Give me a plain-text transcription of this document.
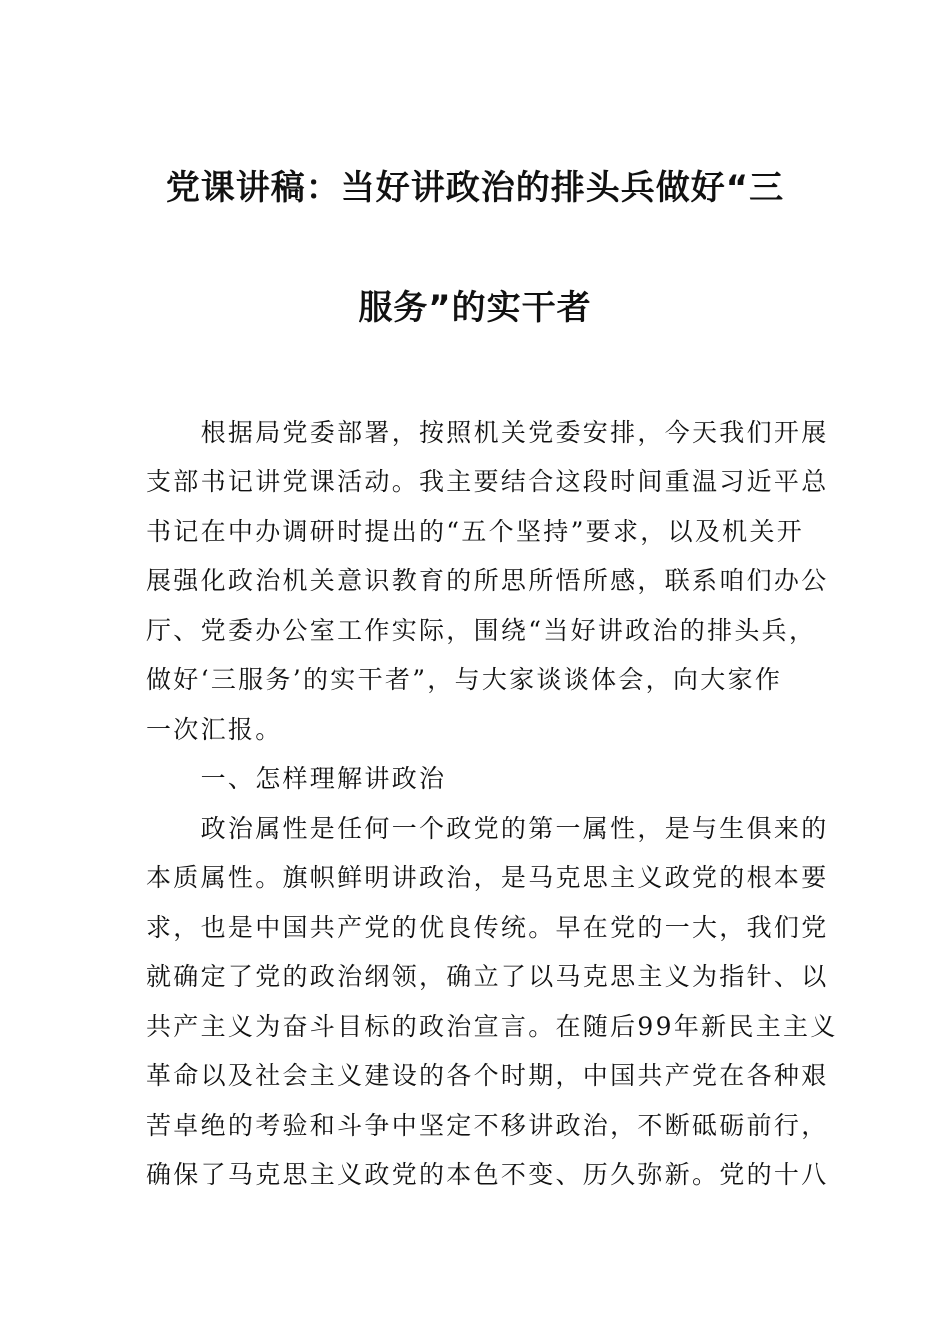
党课讲稿：当好讲政治的排头兵做好“三
服务”的实干者
　　根据局党委部署，按照机关党委安排，今天我们开展
支部书记讲党课活动。我主要结合这段时间重温习近平总
书记在中办调研时提出的“五个坚持”要求，以及机关开
展强化政治机关意识教育的所思所悟所感，联系咱们办公
厅、党委办公室工作实际，围绕“当好讲政治的排头兵，
做好‘三服务’的实干者”，与大家谈谈体会，向大家作
一次汇报。
　　一、怎样理解讲政治
　　政治属性是任何一个政党的第一属性，是与生俱来的
本质属性。旗帜鲜明讲政治，是马克思主义政党的根本要
求，也是中国共产党的优良传统。早在党的一大，我们党
就确定了党的政治纲领，确立了以马克思主义为指针、以
共产主义为奋斗目标的政治宣言。在随后99年新民主主义
革命以及社会主义建设的各个时期，中国共产党在各种艰
苦卓绝的考验和斗争中坚定不移讲政治，不断砥砺前行，
确保了马克思主义政党的本色不变、历久弥新。党的十八
